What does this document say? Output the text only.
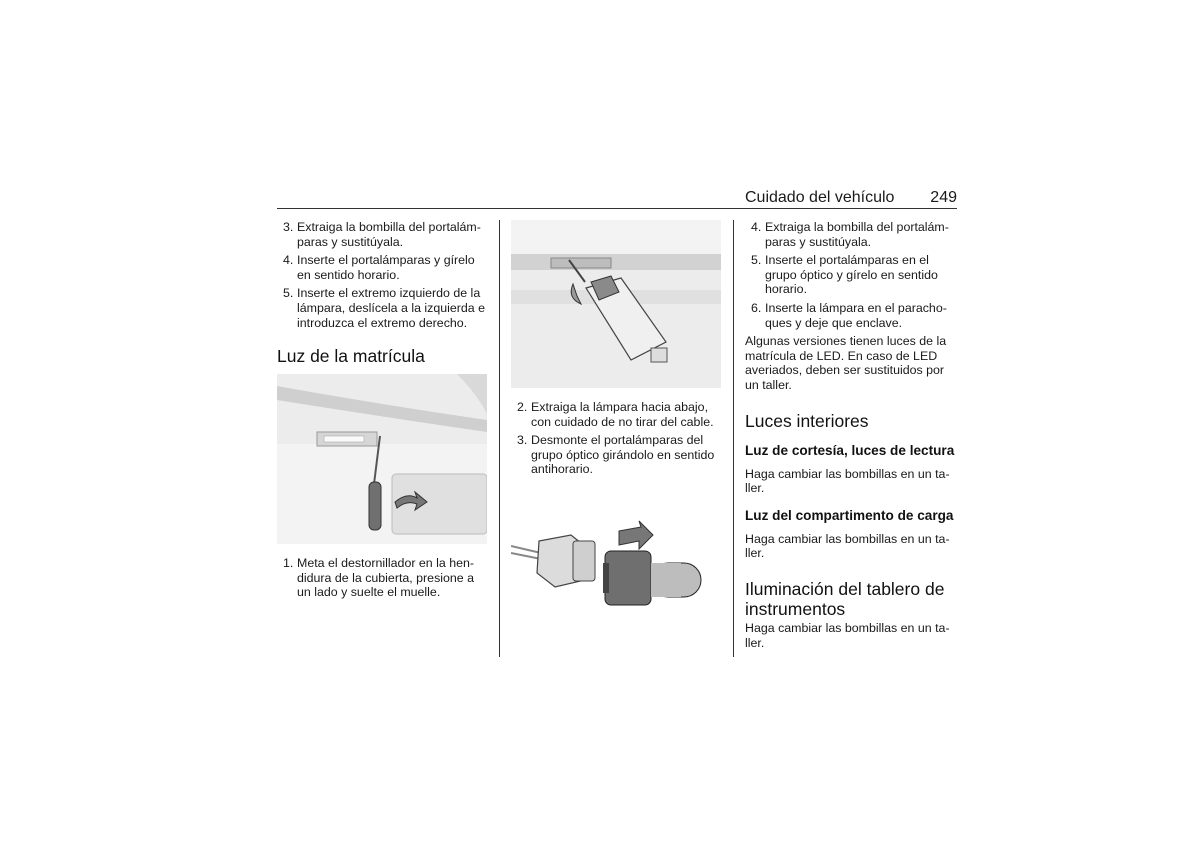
Cuidado del vehículo 249
3. Extraiga la bombilla del portalámparas y sustitúyala.
4. Inserte el portalámparas y gírelo en sentido horario.
5. Inserte el extremo izquierdo de la lámpara, deslícela a la izquierda e introduzca el extremo derecho.
Luz de la matrícula
1. Meta el destornillador en la hendidura de la cubierta, presione a un lado y suelte el muelle.
2. Extraiga la lámpara hacia abajo, con cuidado de no tirar del cable.
3. Desmonte el portalámparas del grupo óptico girándolo en sentido antihorario.
4. Extraiga la bombilla del portalámparas y sustitúyala.
5. Inserte el portalámparas en el grupo óptico y gírelo en sentido horario.
6. Inserte la lámpara en el parachoques y deje que enclave.

Algunas versiones tienen luces de la matrícula de LED. En caso de LED averiados, deben ser sustituidos por un taller.

Luces interiores
Luz de cortesía, luces de lectura

Haga cambiar las bombillas en un taller.

Luz del compartimento de carga

Haga cambiar las bombillas en un taller.

Iluminación del tablero de instrumentos

Haga cambiar las bombillas en un taller.
